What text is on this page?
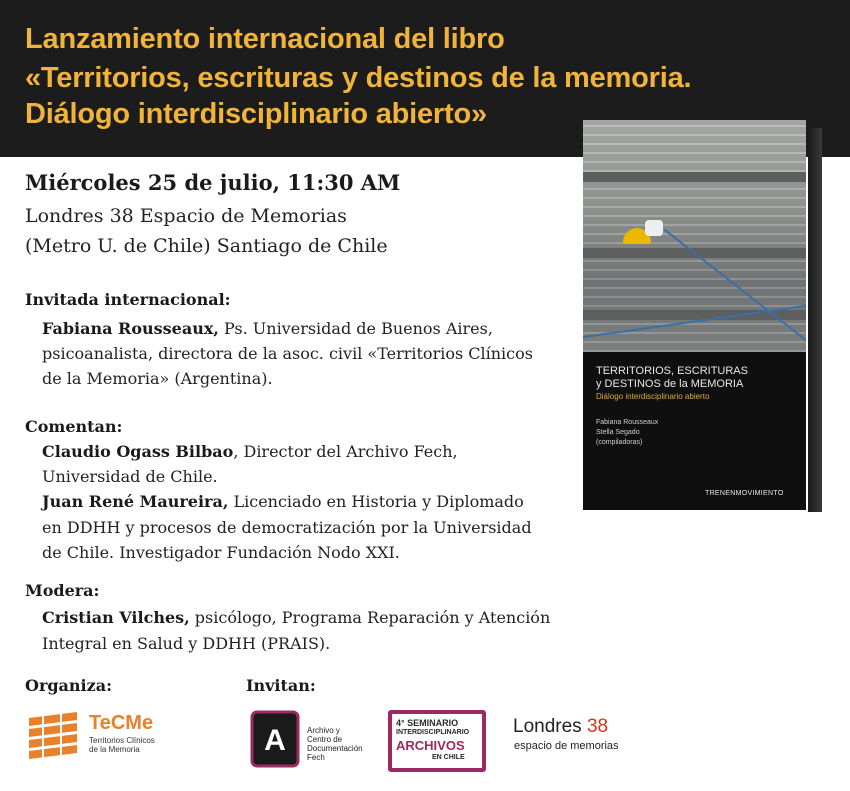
Lanzamiento internacional del libro
«Territorios, escrituras y destinos de la memoria.
Diálogo interdisciplinario abierto»
Miércoles 25 de julio, 11:30 AM
Londres 38 Espacio de Memorias
(Metro U. de Chile) Santiago de Chile
Invitada internacional:
Fabiana Rousseaux, Ps. Universidad de Buenos Aires,
psicoanalista, directora de la asoc. civil «Territorios Clínicos
de la Memoria» (Argentina).
Comentan:
Claudio Ogass Bilbao, Director del Archivo Fech,
Universidad de Chile.
Juan René Maureira, Licenciado en Historia y Diplomado
en DDHH y procesos de democratización por la Universidad
de Chile. Investigador Fundación Nodo XXI.
Modera:
Cristian Vilches, psicólogo, Programa Reparación y Atención
Integral en Salud y DDHH (PRAIS).
TERRITORIOS, ESCRITURAS
y DESTINOS de la MEMORIA
Diálogo interdisciplinario abierto
Fabiana Rousseaux
Stella Segado
(compiladoras)
TRENENMOVIMIENTO
Organiza:	Invitan:
TeCMe
Territorios Clínicos
de la Memoria	A	Archivo y
Centro de
Documentación
Fech
4° SEMINARIO
INTERDISCIPLINARIO
ARCHIVOS
EN CHILE
Londres 38
espacio de memorias
